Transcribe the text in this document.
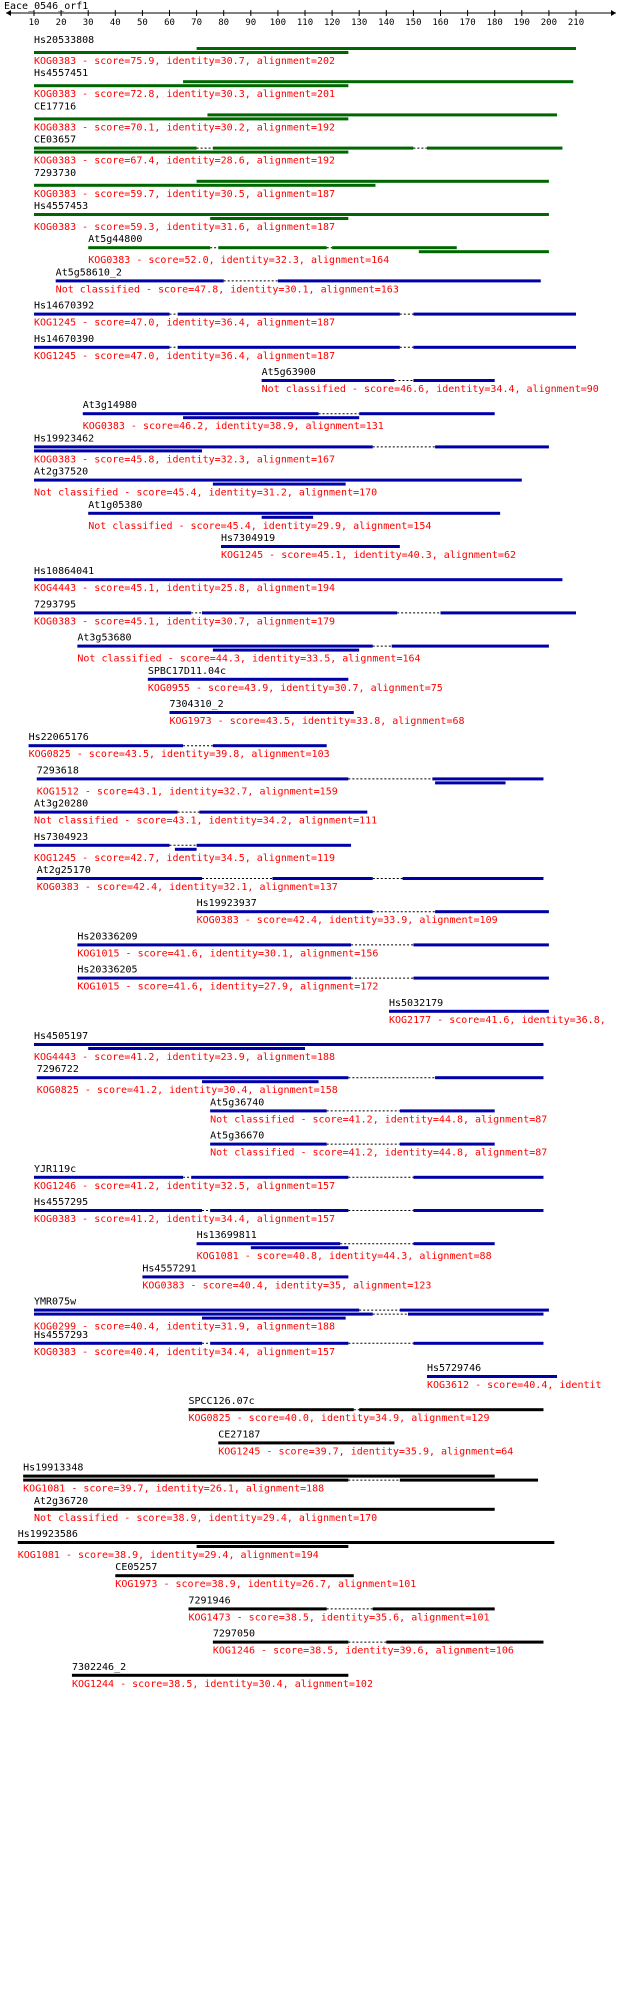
Eace_0546_orf1
10 20 30 40 50 60 70 80 90 100 110 120 130 140 150 160 170 180 190 200 210
Hs20533808
KOG0383 - score=75.9, identity=30.7, alignment=202
Hs4557451
KOG0383 - score=72.8, identity=30.3, alignment=201
CE17716
KOG0383 - score=70.1, identity=30.2, alignment=192
CE03657
KOG0383 - score=67.4, identity=28.6, alignment=192
7293730
KOG0383 - score=59.7, identity=30.5, alignment=187
Hs4557453
KOG0383 - score=59.3, identity=31.6, alignment=187
At5g44800
KOG0383 - score=52.0, identity=32.3, alignment=164
At5g58610_2
Not classified - score=47.8, identity=30.1, alignment=163
Hs14670392
KOG1245 - score=47.0, identity=36.4, alignment=187
Hs14670390
KOG1245 - score=47.0, identity=36.4, alignment=187
At5g63900
Not classified - score=46.6, identity=34.4, alignment=90
At3g14980
KOG0383 - score=46.2, identity=38.9, alignment=131
Hs19923462
KOG0383 - score=45.8, identity=32.3, alignment=167
At2g37520
Not classified - score=45.4, identity=31.2, alignment=170
At1g05380
Not classified - score=45.4, identity=29.9, alignment=154
Hs7304919
KOG1245 - score=45.1, identity=40.3, alignment=62
Hs10864041
KOG4443 - score=45.1, identity=25.8, alignment=194
7293795
KOG0383 - score=45.1, identity=30.7, alignment=179
At3g53680
Not classified - score=44.3, identity=33.5, alignment=164
SPBC17D11.04c
KOG0955 - score=43.9, identity=30.7, alignment=75
7304310_2
KOG1973 - score=43.5, identity=33.8, alignment=68
Hs22065176
KOG0825 - score=43.5, identity=39.8, alignment=103
7293618
KOG1512 - score=43.1, identity=32.7, alignment=159
At3g20280
Not classified - score=43.1, identity=34.2, alignment=111
Hs7304923
KOG1245 - score=42.7, identity=34.5, alignment=119
At2g25170
KOG0383 - score=42.4, identity=32.1, alignment=137
Hs19923937
KOG0383 - score=42.4, identity=33.9, alignment=109
Hs20336209
KOG1015 - score=41.6, identity=30.1, alignment=156
Hs20336205
KOG1015 - score=41.6, identity=27.9, alignment=172
Hs5032179
KOG2177 - score=41.6, identity=36.8,
Hs4505197
KOG4443 - score=41.2, identity=23.9, alignment=188
7296722
KOG0825 - score=41.2, identity=30.4, alignment=158
At5g36740
Not classified - score=41.2, identity=44.8, alignment=87
At5g36670
Not classified - score=41.2, identity=44.8, alignment=87
YJR119c
KOG1246 - score=41.2, identity=32.5, alignment=157
Hs4557295
KOG0383 - score=41.2, identity=34.4, alignment=157
Hs13699811
KOG1081 - score=40.8, identity=44.3, alignment=88
Hs4557291
KOG0383 - score=40.4, identity=35, alignment=123
YMR075w
KOG0299 - score=40.4, identity=31.9, alignment=188
Hs4557293
KOG0383 - score=40.4, identity=34.4, alignment=157
Hs5729746
KOG3612 - score=40.4, identit
SPCC126.07c
KOG0825 - score=40.0, identity=34.9, alignment=129
CE27187
KOG1245 - score=39.7, identity=35.9, alignment=64
Hs19913348
KOG1081 - score=39.7, identity=26.1, alignment=188
At2g36720
Not classified - score=38.9, identity=29.4, alignment=170
Hs19923586
KOG1081 - score=38.9, identity=29.4, alignment=194
CE05257
KOG1973 - score=38.9, identity=26.7, alignment=101
7291946
KOG1473 - score=38.5, identity=35.6, alignment=101
7297050
KOG1246 - score=38.5, identity=39.6, alignment=106
7302246_2
KOG1244 - score=38.5, identity=30.4, alignment=102
